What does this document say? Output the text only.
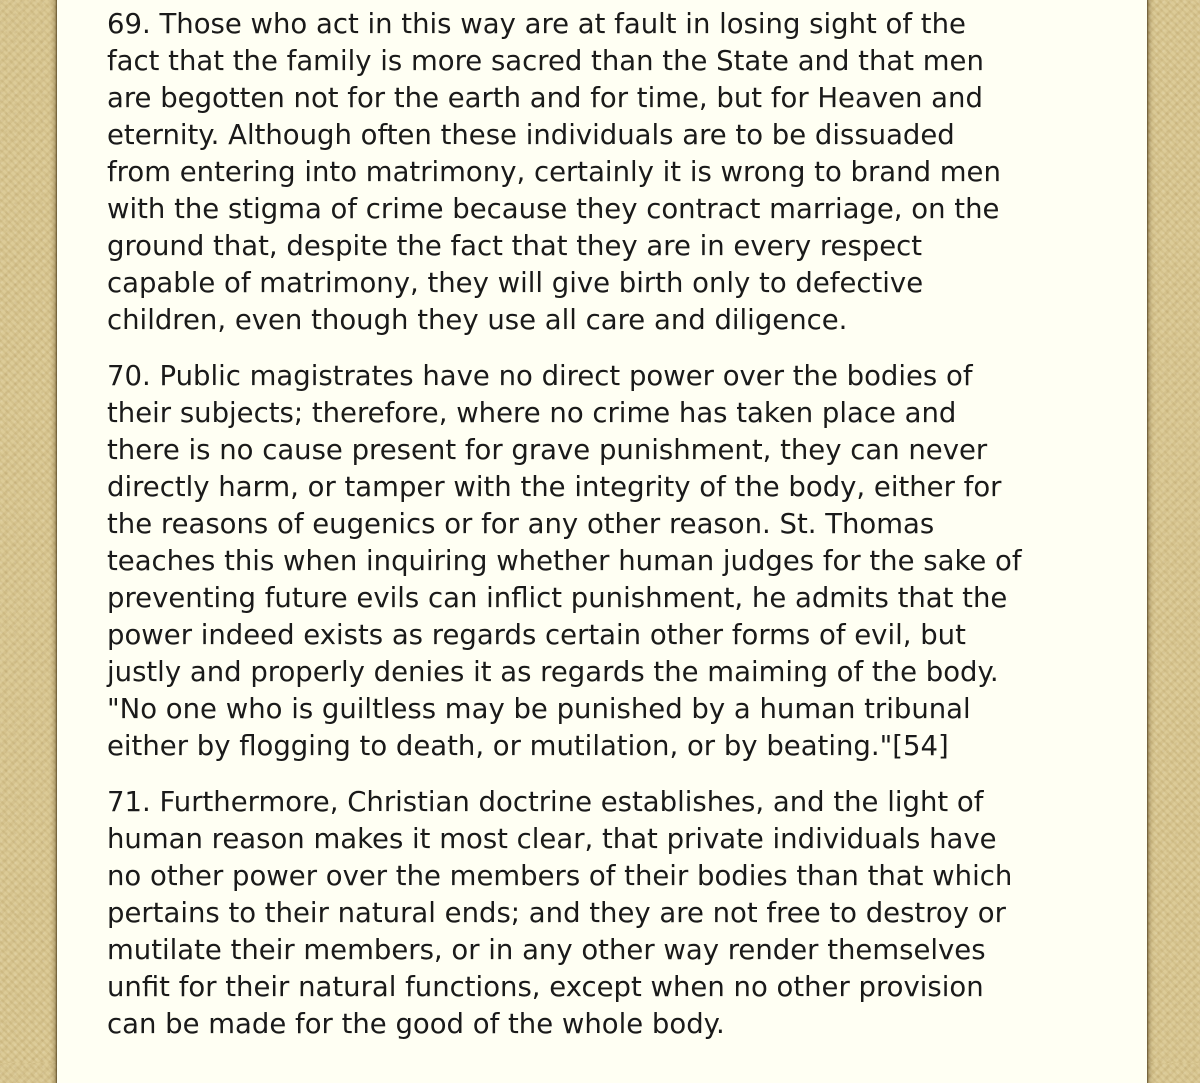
69. Those who act in this way are at fault in losing sight of the
fact that the family is more sacred than the State and that men
are begotten not for the earth and for time, but for Heaven and
eternity. Although often these individuals are to be dissuaded
from entering into matrimony, certainly it is wrong to brand men
with the stigma of crime because they contract marriage, on the
ground that, despite the fact that they are in every respect
capable of matrimony, they will give birth only to defective
children, even though they use all care and diligence.

70. Public magistrates have no direct power over the bodies of
their subjects; therefore, where no crime has taken place and
there is no cause present for grave punishment, they can never
directly harm, or tamper with the integrity of the body, either for
the reasons of eugenics or for any other reason. St. Thomas
teaches this when inquiring whether human judges for the sake of
preventing future evils can inflict punishment, he admits that the
power indeed exists as regards certain other forms of evil, but
justly and properly denies it as regards the maiming of the body.
"No one who is guiltless may be punished by a human tribunal
either by flogging to death, or mutilation, or by beating."[54]

71. Furthermore, Christian doctrine establishes, and the light of
human reason makes it most clear, that private individuals have
no other power over the members of their bodies than that which
pertains to their natural ends; and they are not free to destroy or
mutilate their members, or in any other way render themselves
unfit for their natural functions, except when no other provision
can be made for the good of the whole body.
